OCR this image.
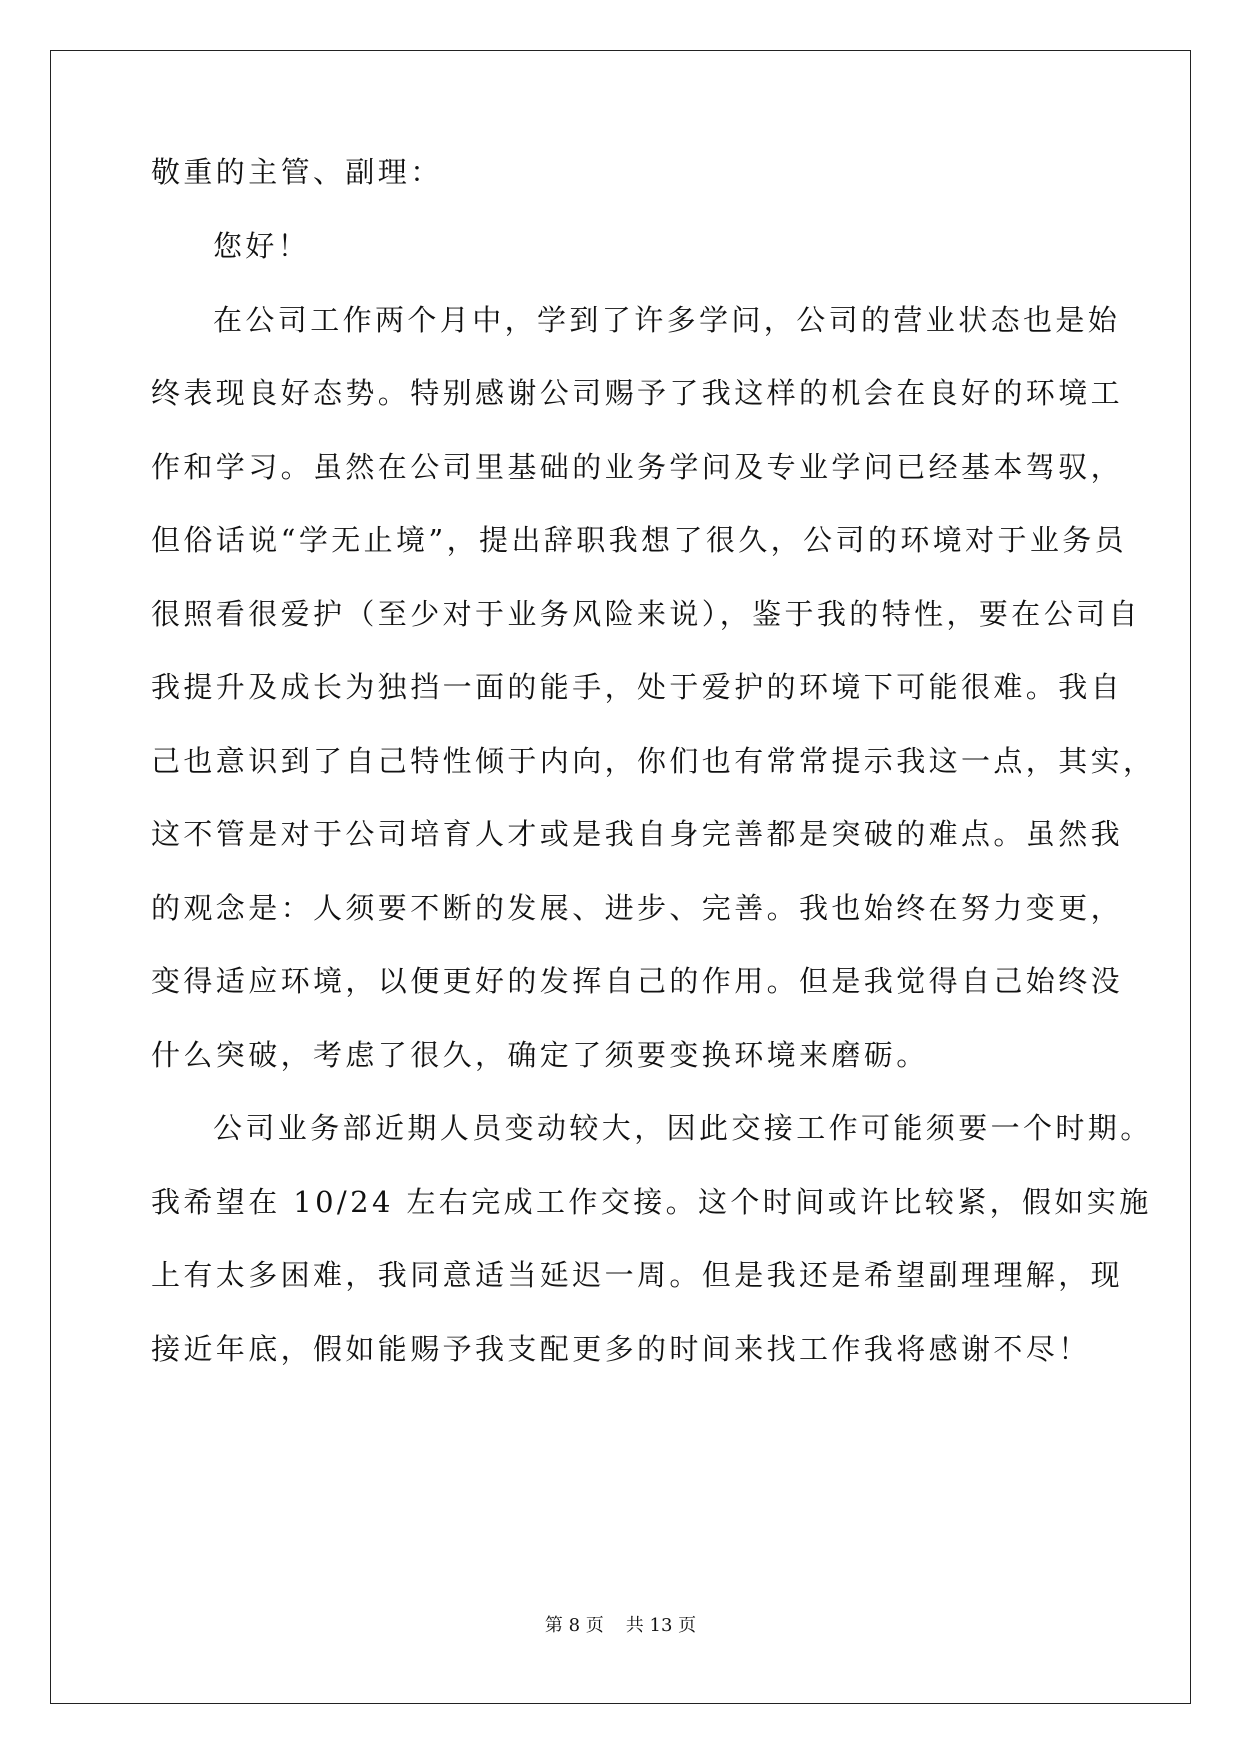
敬重的主管、副理：
您好！
在公司工作两个月中，学到了许多学问，公司的营业状态也是始
终表现良好态势。特别感谢公司赐予了我这样的机会在良好的环境工
作和学习。虽然在公司里基础的业务学问及专业学问已经基本驾驭，
但俗话说“学无止境”，提出辞职我想了很久，公司的环境对于业务员
很照看很爱护（至少对于业务风险来说），鉴于我的特性，要在公司自
我提升及成长为独挡一面的能手，处于爱护的环境下可能很难。我自
己也意识到了自己特性倾于内向，你们也有常常提示我这一点，其实，
这不管是对于公司培育人才或是我自身完善都是突破的难点。虽然我
的观念是：人须要不断的发展、进步、完善。我也始终在努力变更，
变得适应环境，以便更好的发挥自己的作用。但是我觉得自己始终没
什么突破，考虑了很久，确定了须要变换环境来磨砺。
公司业务部近期人员变动较大，因此交接工作可能须要一个时期。
我希望在 10/24 左右完成工作交接。这个时间或许比较紧，假如实施
上有太多困难，我同意适当延迟一周。但是我还是希望副理理解，现
接近年底，假如能赐予我支配更多的时间来找工作我将感谢不尽！
第 8 页 共 13 页
